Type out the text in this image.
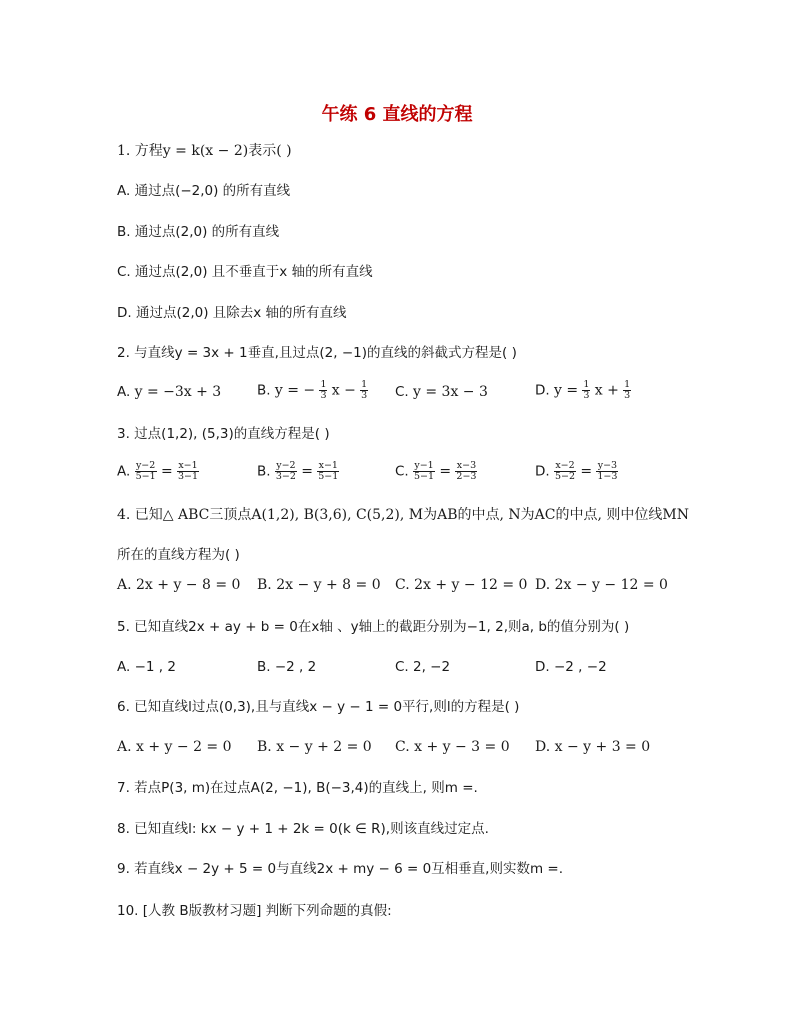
午练 6 直线的方程
1. 方程y = k(x − 2)表示( )
A. 通过点(−2,0) 的所有直线
B. 通过点(2,0) 的所有直线
C. 通过点(2,0) 且不垂直于x 轴的所有直线
D. 通过点(2,0) 且除去x 轴的所有直线
2. 与直线y = 3x + 1垂直,且过点(2, −1)的直线的斜截式方程是( )
A. y = −3x + 3	B. y = − $\frac{1}{3}$ $x - \frac{1}{3} C$. y = 3x − 3	D. $y = \frac{1}{3}$ $x + \frac{1}{3}$
3. 过点(1,2), (5,3)的直线方程是( )
A. $\frac{y-2}{5-1} = \frac{x-1}{3-1}$	B. $\frac{y-2}{3-2} = \frac{x-1}{5-1}$	C. $\frac{y-1}{5-1} = \frac{x-3}{2-3}$	D. $\frac{x-2}{5-2} = \frac{y-3}{1-3}$
4. 已知△ ABC三顶点A(1,2), B(3,6), C(5,2), M为AB的中点, N为AC的中点, 则中位线MN
所在的直线方程为( )
A. 2x + y − 8 = 0 B. 2x − y + 8 = 0 C. 2x + y − 12 = 0 D. 2x − y − 12 = 0
5. 已知直线2x + ay + b = 0在x轴 、y轴上的截距分别为−1, 2,则a, b的值分别为( )
A. −1 , 2	B. −2 , 2	C. 2, −2	D. −2 , −2
6. 已知直线l过点(0,3),且与直线x − y − 1 = 0平行,则l的方程是( )
A. x + y − 2 = 0 B. x − y + 2 = 0 C. x + y − 3 = 0 D. x − y + 3 = 0
7. 若点P(3, m)在过点A(2, −1), B(−3,4)的直线上, 则m =.
8. 已知直线l: kx − y + 1 + 2k = 0(k ∈ R),则该直线过定点.
9. 若直线x − 2y + 5 = 0与直线2x + my − 6 = 0互相垂直,则实数m =.
10. [人教 B版教材习题] 判断下列命题的真假:
